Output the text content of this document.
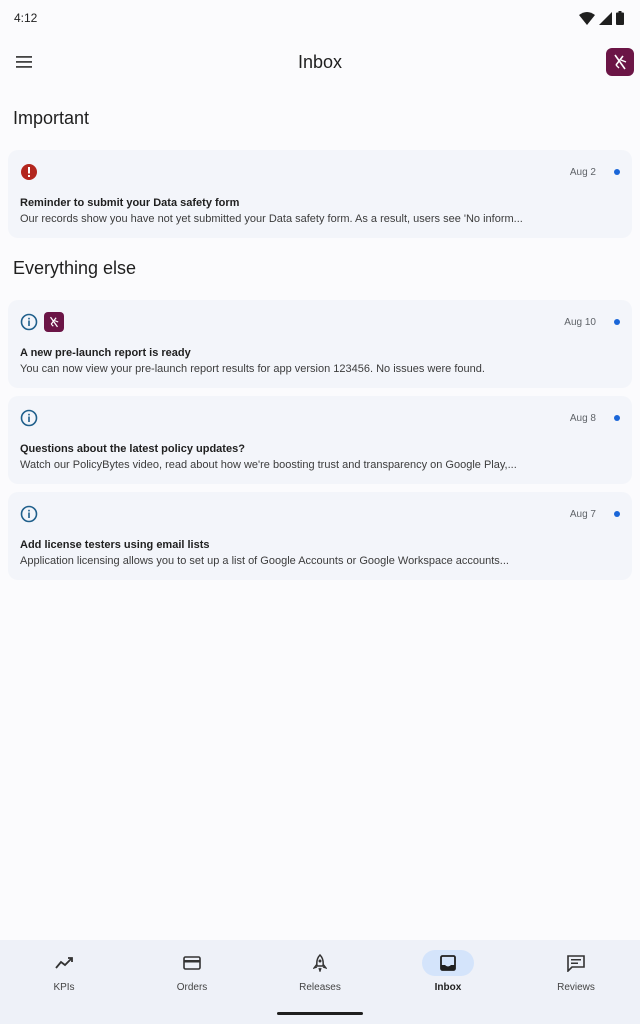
4:12
Inbox
Important
Aug 2
Reminder to submit your Data safety form
Our records show you have not yet submitted your Data safety form. As a result, users see 'No inform...
Everything else
Aug 10
A new pre-launch report is ready
You can now view your pre-launch report results for app version 123456. No issues were found.
Aug 8
Questions about the latest policy updates?
Watch our PolicyBytes video, read about how we're boosting trust and transparency on Google Play,...
Aug 7
Add license testers using email lists
Application licensing allows you to set up a list of Google Accounts or Google Workspace accounts...
KPIs	Orders	Releases	Inbox	Reviews
